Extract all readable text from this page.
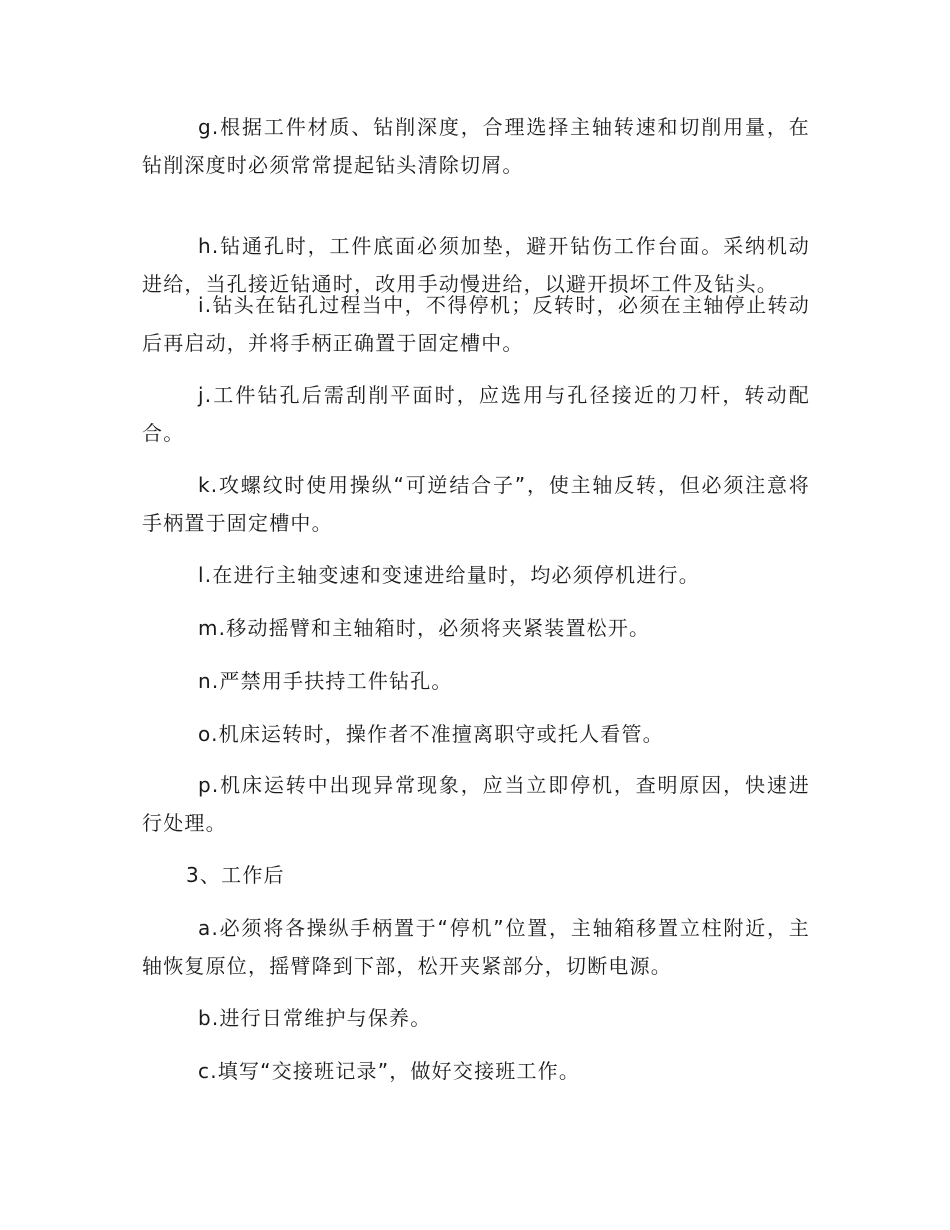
g.根据工件材质、钻削深度，合理选择主轴转速和切削用量，在钻削深度时必须常常提起钻头清除切屑。

h.钻通孔时，工件底面必须加垫，避开钻伤工作台面。采纳机动进给，当孔接近钻通时，改用手动慢进给，以避开损坏工件及钻头。

i.钻头在钻孔过程当中，不得停机；反转时，必须在主轴停止转动后再启动，并将手柄正确置于固定槽中。

j.工件钻孔后需刮削平面时，应选用与孔径接近的刀杆，转动配合。

k.攻螺纹时使用操纵“可逆结合子”，使主轴反转，但必须注意将手柄置于固定槽中。

l.在进行主轴变速和变速进给量时，均必须停机进行。

m.移动摇臂和主轴箱时，必须将夹紧装置松开。

n.严禁用手扶持工件钻孔。

o.机床运转时，操作者不准擅离职守或托人看管。

p.机床运转中出现异常现象，应当立即停机，查明原因，快速进行处理。

3、工作后

a.必须将各操纵手柄置于“停机”位置，主轴箱移置立柱附近，主轴恢复原位，摇臂降到下部，松开夹紧部分，切断电源。

b.进行日常维护与保养。

c.填写“交接班记录”，做好交接班工作。
